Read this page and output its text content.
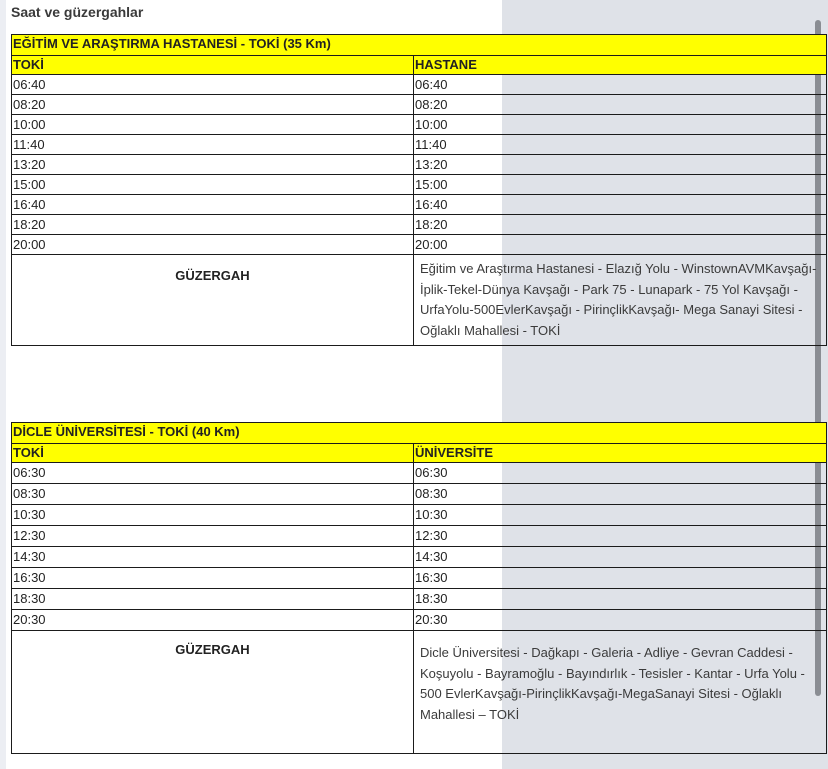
Saat ve güzergahlar
EĞİTİM VE ARAŞTIRMA HASTANESİ - TOKİ (35 Km)	
TOKİ	HASTANE
06:40	06:40
08:20	08:20
10:00	10:00
11:40	11:40
13:20	13:20
15:00	15:00
16:40	16:40
18:20	18:20
20:00	20:00
GÜZERGAH	Eğitim ve Araştırma Hastanesi - Elazığ Yolu - WinstownAVMKavşağı-İplik-Tekel-Dünya Kavşağı - Park 75 - Lunapark - 75 Yol Kavşağı - UrfaYolu-500EvlerKavşağı - PirinçlikKavşağı- Mega Sanayi Sitesi - Oğlaklı Mahallesi - TOKİ
DİCLE ÜNİVERSİTESİ - TOKİ (40 Km)	
TOKİ	ÜNİVERSİTE
06:30	06:30
08:30	08:30
10:30	10:30
12:30	12:30
14:30	14:30
16:30	16:30
18:30	18:30
20:30	20:30
GÜZERGAH	Dicle Üniversitesi - Dağkapı - Galeria - Adliye - Gevran Caddesi - Koşuyolu - Bayramoğlu - Bayındırlık - Tesisler - Kantar - Urfa Yolu - 500 EvlerKavşağı-PirinçlikKavşağı-MegaSanayi Sitesi - Oğlaklı Mahallesi – TOKİ
